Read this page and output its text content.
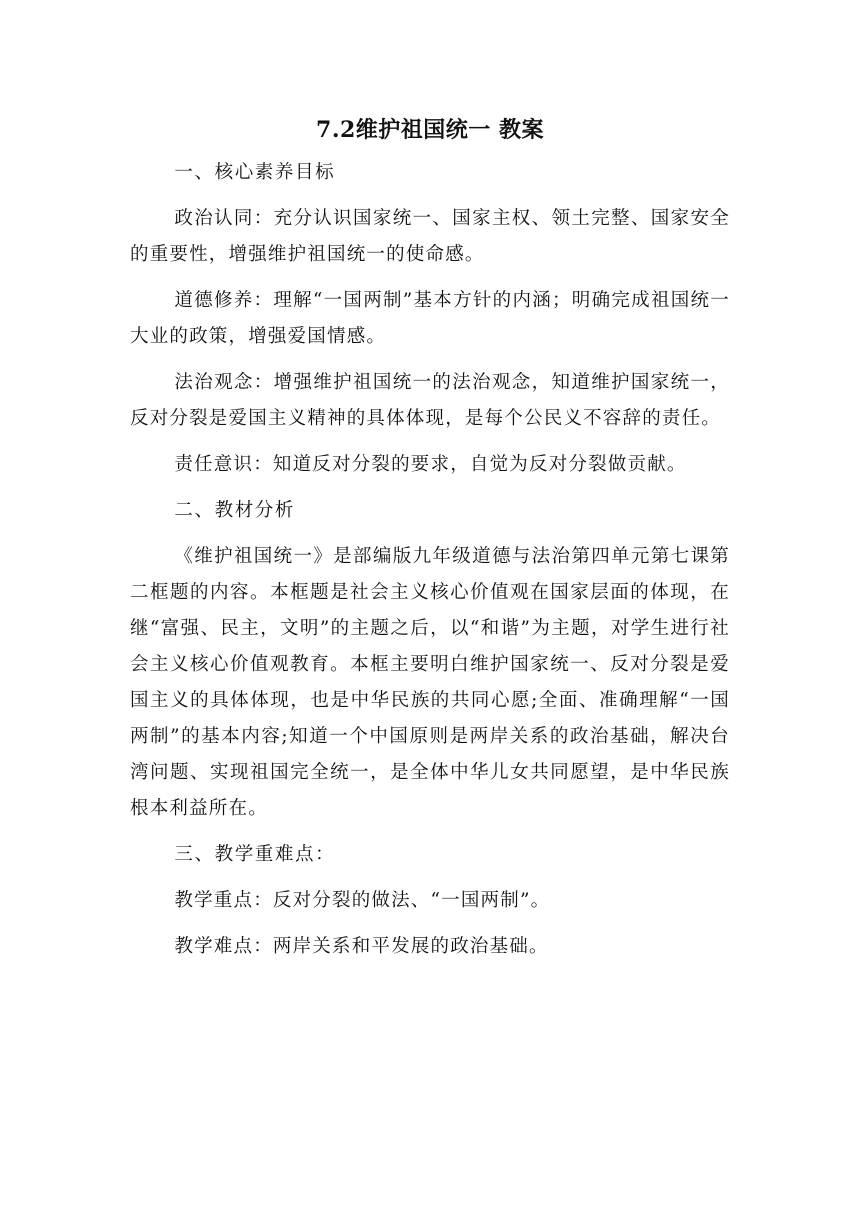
7.2维护祖国统一 教案

一、核心素养目标

政治认同：充分认识国家统一、国家主权、领土完整、国家安全的重要性，增强维护祖国统一的使命感。

道德修养：理解“一国两制”基本方针的内涵；明确完成祖国统一大业的政策，增强爱国情感。

法治观念：增强维护祖国统一的法治观念，知道维护国家统一，反对分裂是爱国主义精神的具体体现，是每个公民义不容辞的责任。

责任意识：知道反对分裂的要求，自觉为反对分裂做贡献。

二、教材分析

《维护祖国统一》是部编版九年级道德与法治第四单元第七课第二框题的内容。本框题是社会主义核心价值观在国家层面的体现，在继“富强、民主，文明”的主题之后，以“和谐”为主题，对学生进行社会主义核心价值观教育。本框主要明白维护国家统一、反对分裂是爱国主义的具体体现，也是中华民族的共同心愿;全面、准确理解“一国两制”的基本内容;知道一个中国原则是两岸关系的政治基础，解决台湾问题、实现祖国完全统一，是全体中华儿女共同愿望，是中华民族根本利益所在。

三、教学重难点：

教学重点：反对分裂的做法、“一国两制”。

教学难点：两岸关系和平发展的政治基础。
